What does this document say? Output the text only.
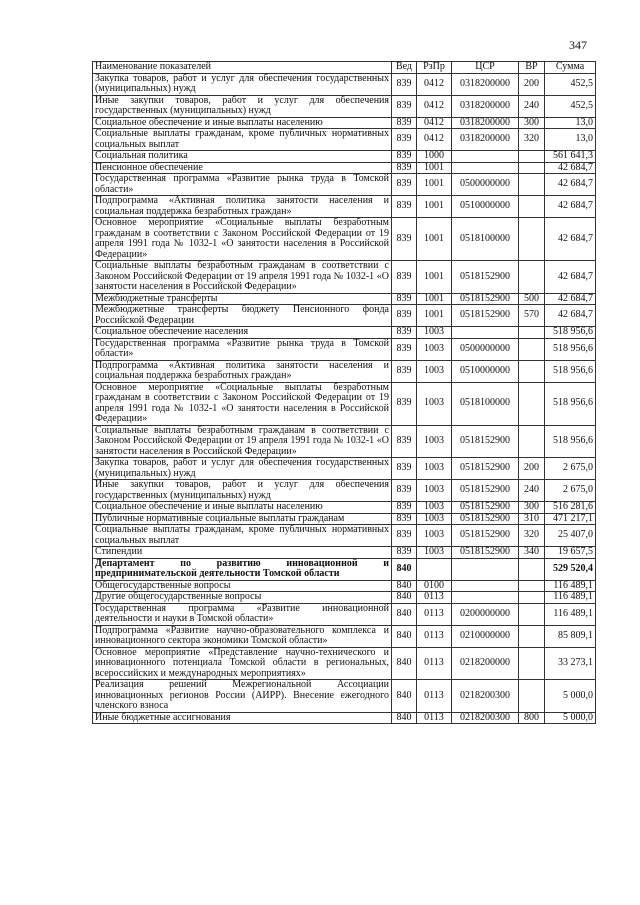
347
Наименование показателей	Вед	РзПр	ЦСР	ВР	Сумма
Закупка товаров, работ и услуг для обеспечения государственных (муниципальных) нужд	839	0412	0318200000	200	452,5
Иные закупки товаров, работ и услуг для обеспечения государственных (муниципальных) нужд	839	0412	0318200000	240	452,5
Социальное обеспечение и иные выплаты населению	839	0412	0318200000	300	13,0
Социальные выплаты гражданам, кроме публичных нормативных социальных выплат	839	0412	0318200000	320	13,0
Социальная политика	839	1000			561 641,3
Пенсионное обеспечение	839	1001			42 684,7
Государственная программа «Развитие рынка труда в Томской области»	839	1001	0500000000		42 684,7
Подпрограмма «Активная политика занятости населения и социальная поддержка безработных граждан»	839	1001	0510000000		42 684,7
Основное мероприятие «Социальные выплаты безработным гражданам в соответствии с Законом Российской Федерации от 19 апреля 1991 года № 1032-1 «О занятости населения в Российской Федерации»	839	1001	0518100000		42 684,7
Социальные выплаты безработным гражданам в соответствии с Законом Российской Федерации от 19 апреля 1991 года № 1032-1 «О занятости населения в Российской Федерации»	839	1001	0518152900		42 684,7
Межбюджетные трансферты	839	1001	0518152900	500	42 684,7
Межбюджетные трансферты бюджету Пенсионного фонда Российской Федерации	839	1001	0518152900	570	42 684,7
Социальное обеспечение населения	839	1003			518 956,6
Государственная программа «Развитие рынка труда в Томской области»	839	1003	0500000000		518 956,6
Подпрограмма «Активная политика занятости населения и социальная поддержка безработных граждан»	839	1003	0510000000		518 956,6
Основное мероприятие «Социальные выплаты безработным гражданам в соответствии с Законом Российской Федерации от 19 апреля 1991 года № 1032-1 «О занятости населения в Российской Федерации»	839	1003	0518100000		518 956,6
Социальные выплаты безработным гражданам в соответствии с Законом Российской Федерации от 19 апреля 1991 года № 1032-1 «О занятости населения в Российской Федерации»	839	1003	0518152900		518 956,6
Закупка товаров, работ и услуг для обеспечения государственных (муниципальных) нужд	839	1003	0518152900	200	2 675,0
Иные закупки товаров, работ и услуг для обеспечения государственных (муниципальных) нужд	839	1003	0518152900	240	2 675,0
Социальное обеспечение и иные выплаты населению	839	1003	0518152900	300	516 281,6
Публичные нормативные социальные выплаты гражданам	839	1003	0518152900	310	471 217,1
Социальные выплаты гражданам, кроме публичных нормативных социальных выплат	839	1003	0518152900	320	25 407,0
Стипендии	839	1003	0518152900	340	19 657,5
Департамент по развитию инновационной и предпринимательской деятельности Томской области	840				529 520,4
Общегосударственные вопросы	840	0100			116 489,1
Другие общегосударственные вопросы	840	0113			116 489,1
Государственная программа «Развитие инновационной деятельности и науки в Томской области»	840	0113	0200000000		116 489,1
Подпрограмма «Развитие научно-образовательного комплекса и инновационного сектора экономики Томской области»	840	0113	0210000000		85 809,1
Основное мероприятие «Представление научно-технического и инновационного потенциала Томской области в региональных, всероссийских и международных мероприятиях»	840	0113	0218200000		33 273,1
Реализация решений Межрегиональной Ассоциации инновационных регионов России (АИРР). Внесение ежегодного членского взноса	840	0113	0218200300		5 000,0
Иные бюджетные ассигнования	840	0113	0218200300	800	5 000,0
